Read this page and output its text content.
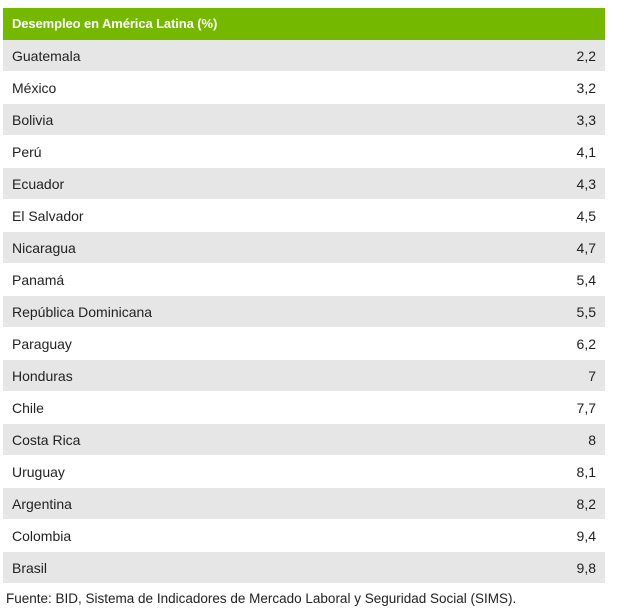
Desempleo en América Latina (%)
Guatemala	2,2
México	3,2
Bolivia	3,3
Perú	4,1
Ecuador	4,3
El Salvador	4,5
Nicaragua	4,7
Panamá	5,4
República Dominicana	5,5
Paraguay	6,2
Honduras	7
Chile	7,7
Costa Rica	8
Uruguay	8,1
Argentina	8,2
Colombia	9,4
Brasil	9,8
Fuente: BID, Sistema de Indicadores de Mercado Laboral y Seguridad Social (SIMS).
